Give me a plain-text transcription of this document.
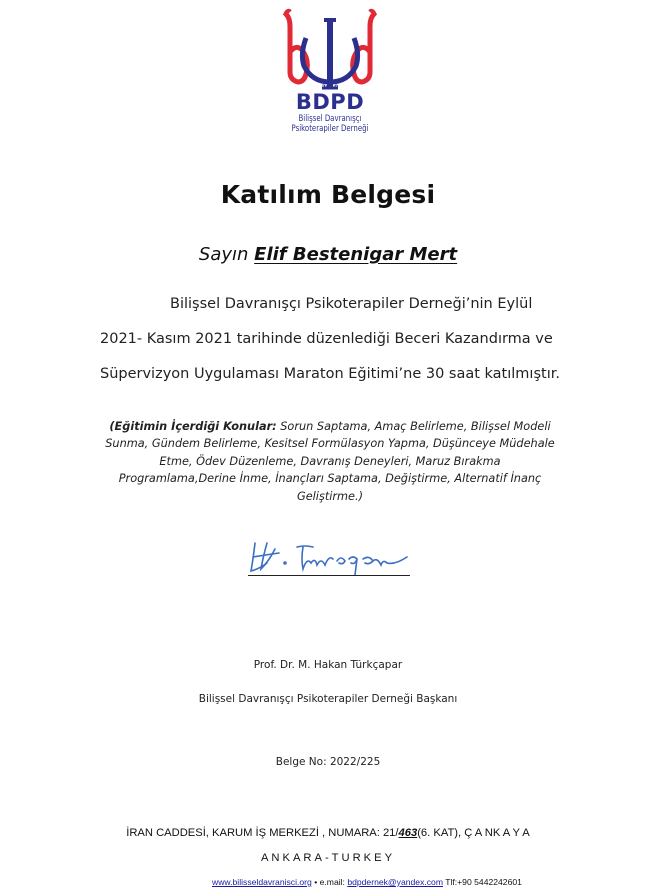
2010
BDPD
Bilişsel Davranışçı
Psikoterapiler Derneği
Katılım Belgesi
Sayın Elif Bestenigar Mert
Bilişsel Davranışçı Psikoterapiler Derneği’nin Eylül
2021- Kasım 2021 tarihinde düzenlediği Beceri Kazandırma ve
Süpervizyon Uygulaması Maraton Eğitimi’ne 30 saat katılmıştır.
(Eğitimin İçerdiği Konular: Sorun Saptama, Amaç Belirleme, Bilişsel Modeli Sunma, Gündem Belirleme, Kesitsel Formülasyon Yapma, Düşünceye Müdehale Etme, Ödev Düzenleme, Davranış Deneyleri, Maruz Bırakma Programlama,Derine İnme, İnançları Saptama, Değiştirme, Alternatif İnanç Geliştirme.)
Prof. Dr. M. Hakan Türkçapar
Bilişsel Davranışçı Psikoterapiler Derneği Başkanı
Belge No: 2022/225
İRAN CADDESİ, KARUM İŞ MERKEZİ , NUMARA: 21/463(6. KAT), Ç A NK A Y A
ANKARA-TURKEY
www.bilisseldavranisci.org • e.mail: bdpdernek@yandex.com Tlf:+90 5442242601
